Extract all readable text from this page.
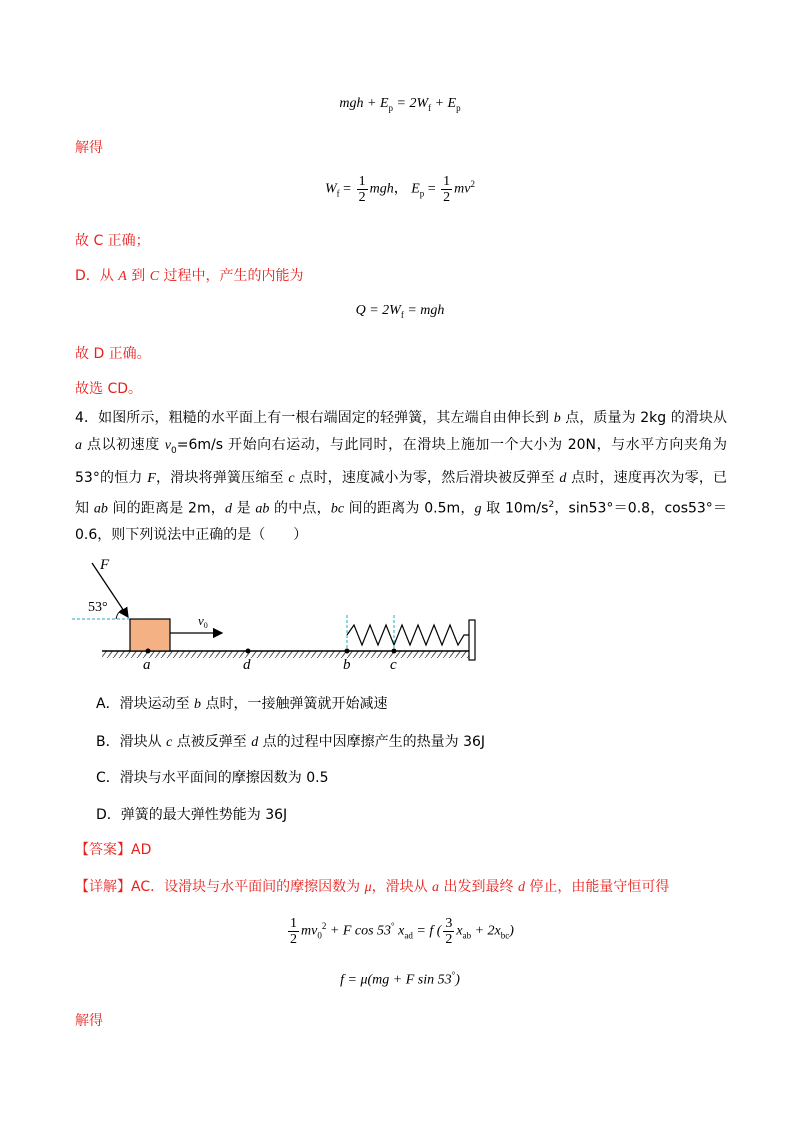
mgh + $E_p = 2W_f + E_p$
解得
$W_f = \frac{1}{2}$ mgh， $E_p = \frac{1}{2} mv^2$
故 C 正确；
D．从 A 到 C 过程中，产生的内能为
$Q = 2W_f$ = mgh
故 D 正确。
故选 CD。
4．如图所示，粗糙的水平面上有一根右端固定的轻弹簧，其左端自由伸长到 b 点，质量为 2kg 的滑块从 a 点以初速度 $v_0=6m/s$ 开始向右运动，与此同时，在滑块上施加一个大小为 20N，与水平方向夹角为53°的恒力 F，滑块将弹簧压缩至 c 点时，速度减小为零，然后滑块被反弹至 d 点时，速度再次为零，已知 ab 间的距离是 2m，d 是 ab 的中点，bc 间的距离为 0.5m，g 取 $10m/s^2$，sin53°＝0.8，cos53°＝0.6，则下列说法中正确的是（　　）
F
53°
$v_0$
a	d	b	c
A．滑块运动至 b 点时，一接触弹簧就开始减速
B．滑块从 c 点被反弹至 d 点的过程中因摩擦产生的热量为 36J
C．滑块与水平面间的摩擦因数为 0.5
D．弹簧的最大弹性势能为 36J
【答案】AD
【详解】AC．设滑块与水平面间的摩擦因数为 μ，滑块从 a 出发到最终 d 停止，由能量守恒可得
$\frac{1}{2} mv_0^2 + F$ cos 53° $x_{ad} = f$ ( $\frac{3}{2} x_{ab} + 2x_{bc}$)
f = μ(mg + F sin 53°)
解得
